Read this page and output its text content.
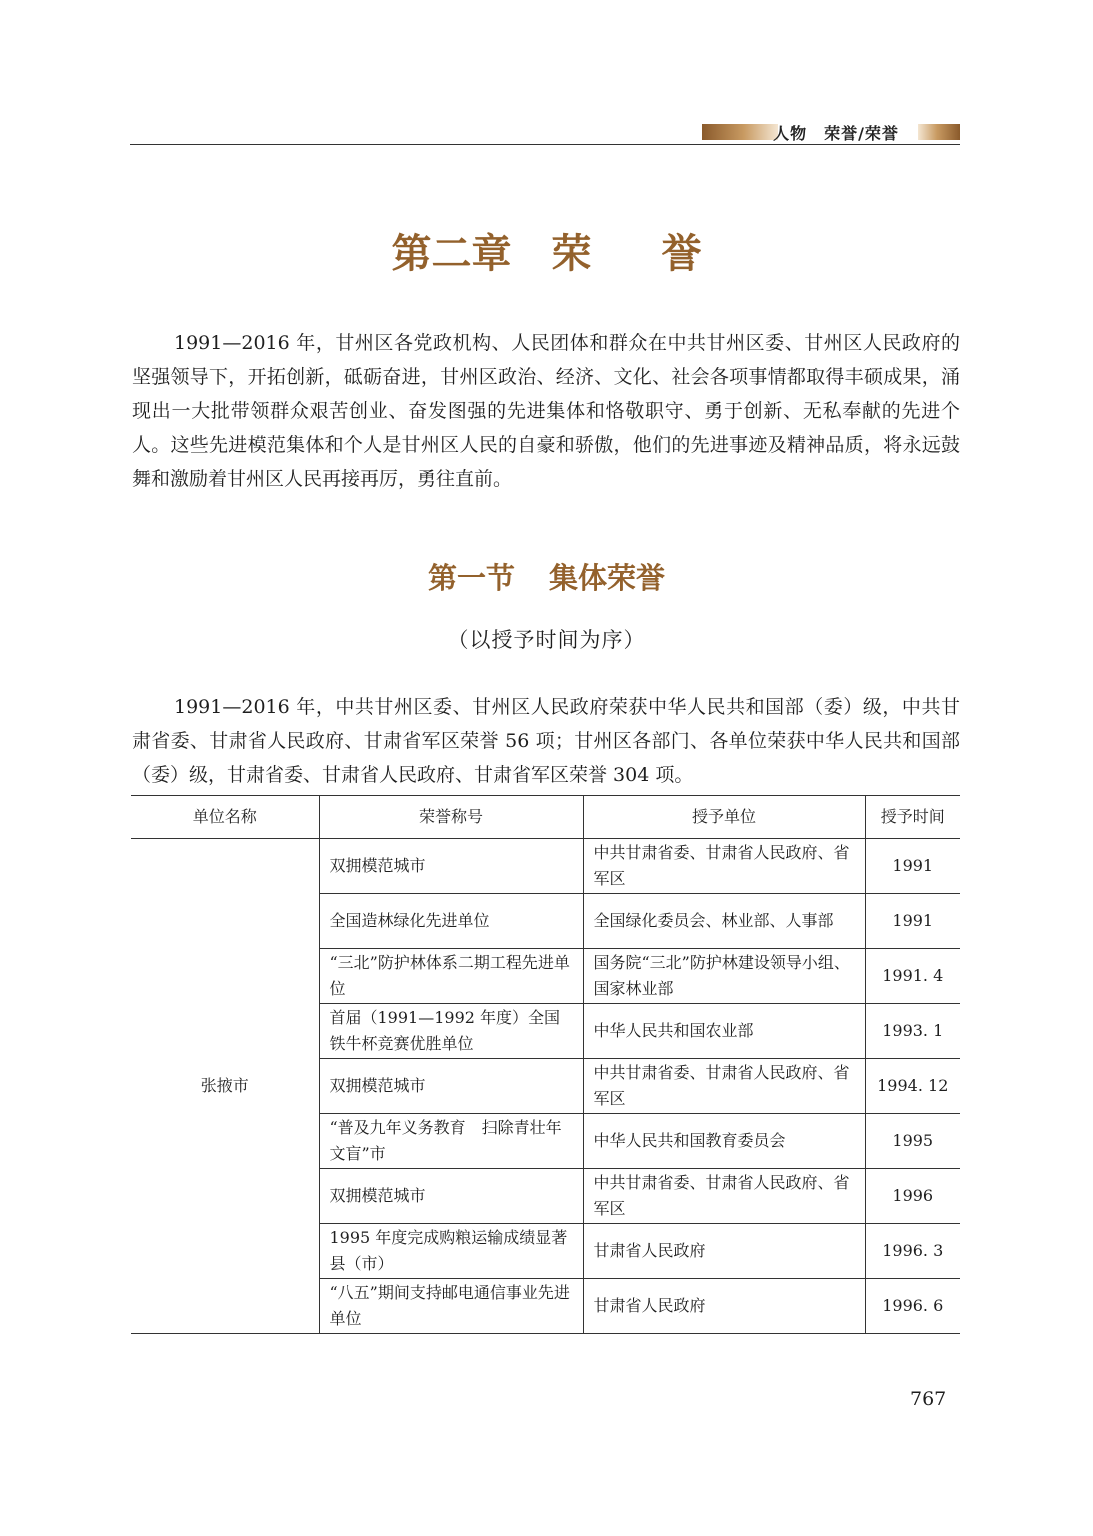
人物　荣誉/荣誉
第二章 荣 誉

1991—2016 年，甘州区各党政机构、人民团体和群众在中共甘州区委、甘州区人民政府的坚强领导下，开拓创新，砥砺奋进，甘州区政治、经济、文化、社会各项事情都取得丰硕成果，涌现出一大批带领群众艰苦创业、奋发图强的先进集体和恪敬职守、勇于创新、无私奉献的先进个人。这些先进模范集体和个人是甘州区人民的自豪和骄傲，他们的先进事迹及精神品质，将永远鼓舞和激励着甘州区人民再接再厉，勇往直前。

第一节 集体荣誉
（以授予时间为序）

1991—2016 年，中共甘州区委、甘州区人民政府荣获中华人民共和国部（委）级，中共甘肃省委、甘肃省人民政府、甘肃省军区荣誉 56 项；甘州区各部门、各单位荣获中华人民共和国部（委）级，甘肃省委、甘肃省人民政府、甘肃省军区荣誉 304 项。

单位名称	荣誉称号	授予单位	授予时间
张掖市	双拥模范城市	中共甘肃省委、甘肃省人民政府、省军区	1991
	全国造林绿化先进单位	全国绿化委员会、林业部、人事部	1991
	“三北”防护林体系二期工程先进单位	国务院“三北”防护林建设领导小组、国家林业部	1991. 4
	首届（1991—1992 年度）全国铁牛杯竞赛优胜单位	中华人民共和国农业部	1993. 1
	双拥模范城市	中共甘肃省委、甘肃省人民政府、省军区	1994. 12
	“普及九年义务教育　扫除青壮年文盲”市	中华人民共和国教育委员会	1995
	双拥模范城市	中共甘肃省委、甘肃省人民政府、省军区	1996
	1995 年度完成购粮运输成绩显著县（市）	甘肃省人民政府	1996. 3
	“八五”期间支持邮电通信事业先进单位	甘肃省人民政府	1996. 6
767
